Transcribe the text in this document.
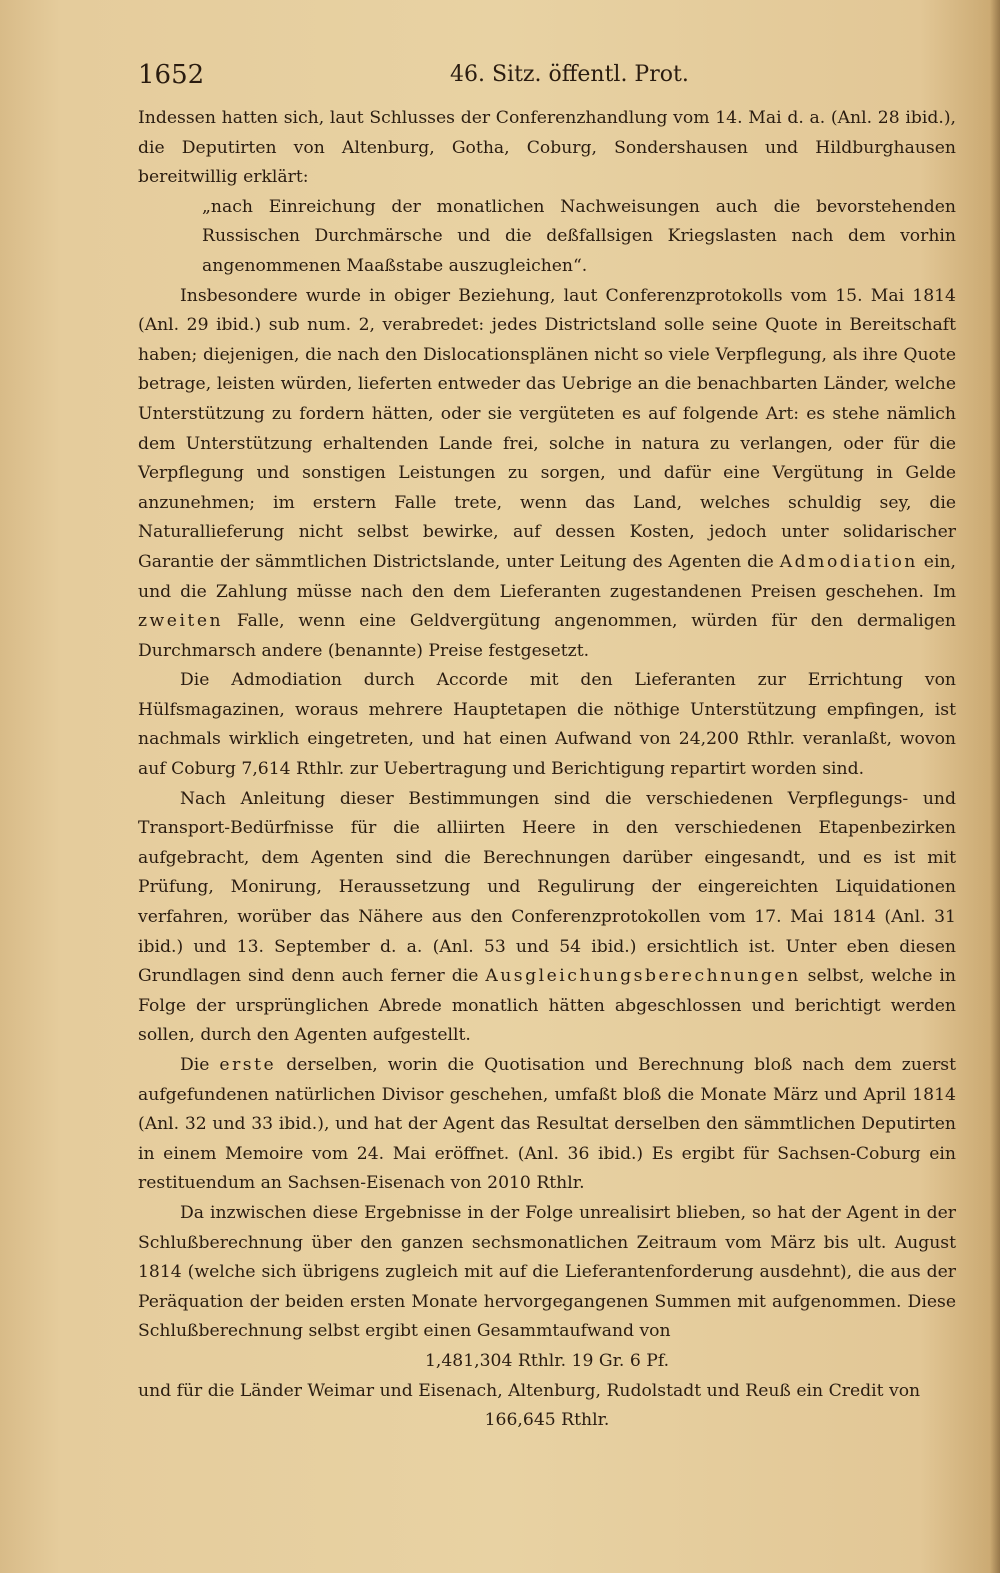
1652	46. Sitz. öffentl. Prot.

Indessen hatten sich, laut Schlusses der Conferenzhandlung vom 14. Mai d. a. (Anl. 28 ibid.), die Deputirten von Altenburg, Gotha, Coburg, Sondershausen und Hildburghausen bereitwillig erklärt:

„nach Einreichung der monatlichen Nachweisungen auch die bevorstehenden Russischen Durchmärsche und die deßfallsigen Kriegslasten nach dem vorhin angenommenen Maaßstabe auszugleichen“.

Insbesondere wurde in obiger Beziehung, laut Conferenzprotokolls vom 15. Mai 1814 (Anl. 29 ibid.) sub num. 2, verabredet: jedes Districtsland solle seine Quote in Bereitschaft haben; diejenigen, die nach den Dislocationsplänen nicht so viele Verpflegung, als ihre Quote betrage, leisten würden, lieferten entweder das Uebrige an die benachbarten Länder, welche Unterstützung zu fordern hätten, oder sie vergüteten es auf folgende Art: es stehe nämlich dem Unterstützung erhaltenden Lande frei, solche in natura zu verlangen, oder für die Verpflegung und sonstigen Leistungen zu sorgen, und dafür eine Vergütung in Gelde anzunehmen; im erstern Falle trete, wenn das Land, welches schuldig sey, die Naturallieferung nicht selbst bewirke, auf dessen Kosten, jedoch unter solidarischer Garantie der sämmtlichen Districtslande, unter Leitung des Agenten die Admodiation ein, und die Zahlung müsse nach den dem Lieferanten zugestandenen Preisen geschehen. Im zweiten Falle, wenn eine Geldvergütung angenommen, würden für den dermaligen Durchmarsch andere (benannte) Preise festgesetzt.

Die Admodiation durch Accorde mit den Lieferanten zur Errichtung von Hülfsmagazinen, woraus mehrere Hauptetapen die nöthige Unterstützung empfingen, ist nachmals wirklich eingetreten, und hat einen Aufwand von 24,200 Rthlr. veranlaßt, wovon auf Coburg 7,614 Rthlr. zur Uebertragung und Berichtigung repartirt worden sind.

Nach Anleitung dieser Bestimmungen sind die verschiedenen Verpflegungs- und Transport-Bedürfnisse für die alliirten Heere in den verschiedenen Etapenbezirken aufgebracht, dem Agenten sind die Berechnungen darüber eingesandt, und es ist mit Prüfung, Monirung, Heraussetzung und Regulirung der eingereichten Liquidationen verfahren, worüber das Nähere aus den Conferenzprotokollen vom 17. Mai 1814 (Anl. 31 ibid.) und 13. September d. a. (Anl. 53 und 54 ibid.) ersichtlich ist. Unter eben diesen Grundlagen sind denn auch ferner die Ausgleichungsberechnungen selbst, welche in Folge der ursprünglichen Abrede monatlich hätten abgeschlossen und berichtigt werden sollen, durch den Agenten aufgestellt.

Die erste derselben, worin die Quotisation und Berechnung bloß nach dem zuerst aufgefundenen natürlichen Divisor geschehen, umfaßt bloß die Monate März und April 1814 (Anl. 32 und 33 ibid.), und hat der Agent das Resultat derselben den sämmtlichen Deputirten in einem Memoire vom 24. Mai eröffnet. (Anl. 36 ibid.) Es ergibt für Sachsen-Coburg ein restituendum an Sachsen-Eisenach von 2010 Rthlr.

Da inzwischen diese Ergebnisse in der Folge unrealisirt blieben, so hat der Agent in der Schlußberechnung über den ganzen sechsmonatlichen Zeitraum vom März bis ult. August 1814 (welche sich übrigens zugleich mit auf die Lieferantenforderung ausdehnt), die aus der Peräquation der beiden ersten Monate hervorgegangenen Summen mit aufgenommen. Diese Schlußberechnung selbst ergibt einen Gesammtaufwand von

1,481,304 Rthlr. 19 Gr. 6 Pf.

und für die Länder Weimar und Eisenach, Altenburg, Rudolstadt und Reuß ein Credit von

166,645 Rthlr.
